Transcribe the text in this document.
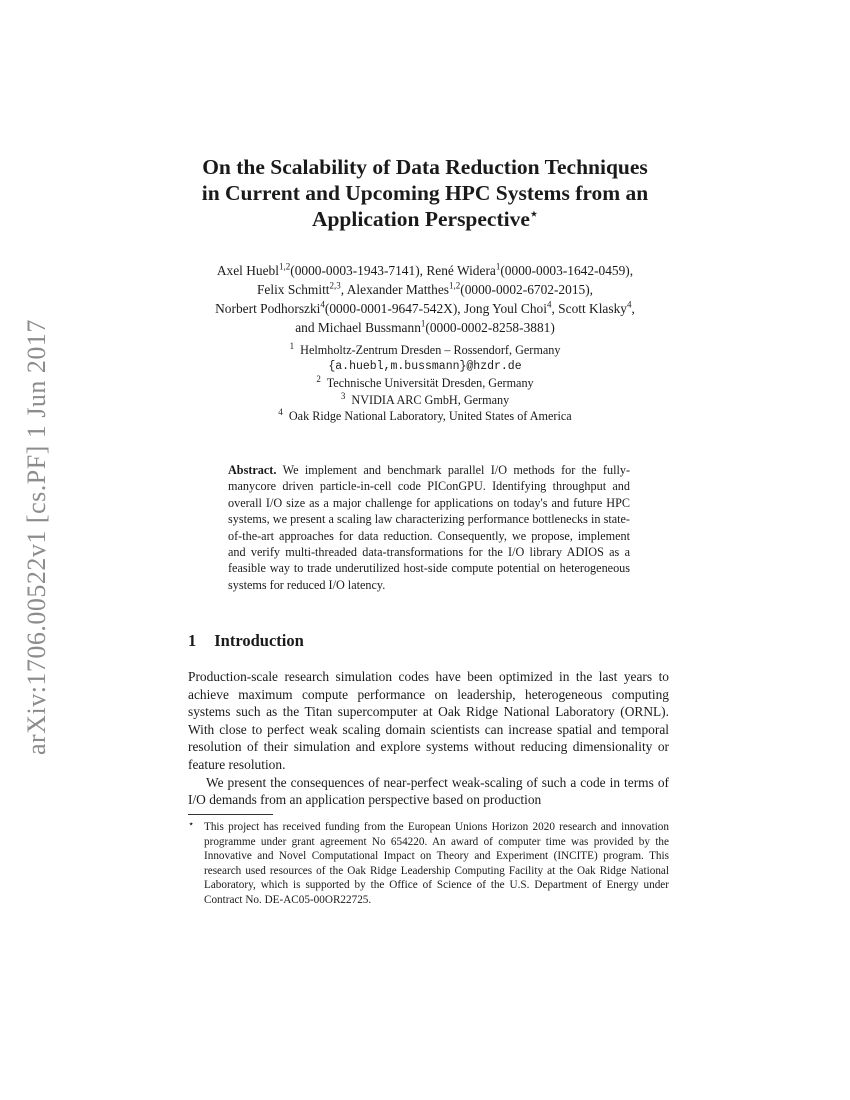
arXiv:1706.00522v1 [cs.PF] 1 Jun 2017
On the Scalability of Data Reduction Techniques
in Current and Upcoming HPC Systems from an
Application Perspective⋆
Axel Huebl$^{1,2}$(0000-0003-1943-7141), René Widera$^1$(0000-0003-1642-0459),
Felix Schmitt$^{2,3}$, Alexander Matthes$^{1,2}$(0000-0002-6702-2015),
Norbert Podhorszki$^4$(0000-0001-9647-542X), Jong Youl Choi$^4$, Scott Klasky$^4$,
and Michael Bussmann$^1$(0000-0002-8258-3881)
$^1$ Helmholtz-Zentrum Dresden – Rossendorf, Germany
{a.huebl,m.bussmann}@hzdr.de
$^2$ Technische Universität Dresden, Germany
$^3$ NVIDIA ARC GmbH, Germany
$^4$ Oak Ridge National Laboratory, United States of America

Abstract. We implement and benchmark parallel I/O methods for the fully-manycore driven particle-in-cell code PIConGPU. Identifying throughput and overall I/O size as a major challenge for applications on today's and future HPC systems, we present a scaling law characterizing performance bottlenecks in state-of-the-art approaches for data reduction. Consequently, we propose, implement and verify multi-threaded data-transformations for the I/O library ADIOS as a feasible way to trade underutilized host-side compute potential on heterogeneous systems for reduced I/O latency.

1 Introduction

Production-scale research simulation codes have been optimized in the last years to achieve maximum compute performance on leadership, heterogeneous computing systems such as the Titan supercomputer at Oak Ridge National Laboratory (ORNL). With close to perfect weak scaling domain scientists can increase spatial and temporal resolution of their simulation and explore systems without reducing dimensionality or feature resolution.

We present the consequences of near-perfect weak-scaling of such a code in terms of I/O demands from an application perspective based on production

⋆ This project has received funding from the European Unions Horizon 2020 research and innovation programme under grant agreement No 654220. An award of computer time was provided by the Innovative and Novel Computational Impact on Theory and Experiment (INCITE) program. This research used resources of the Oak Ridge Leadership Computing Facility at the Oak Ridge National Laboratory, which is supported by the Office of Science of the U.S. Department of Energy under Contract No. DE-AC05-00OR22725.
